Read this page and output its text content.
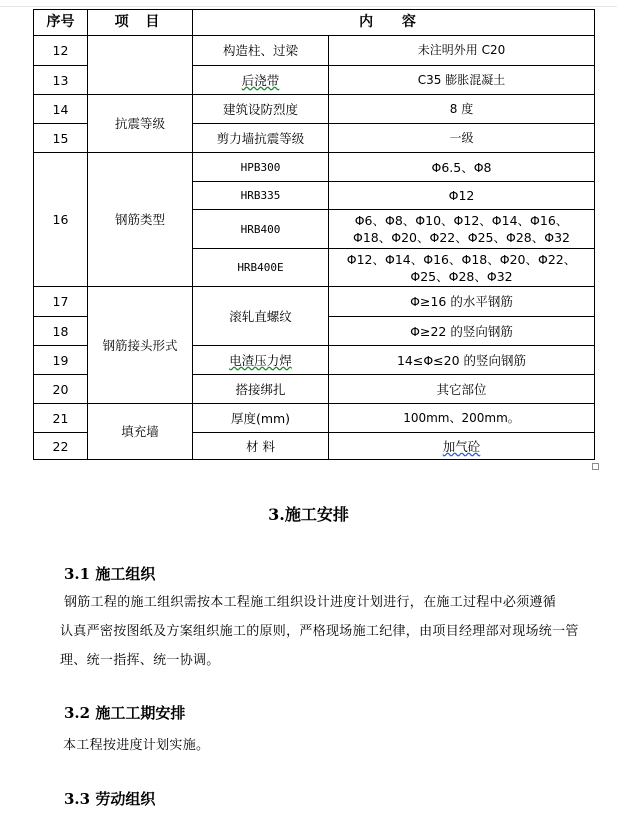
序号	项 目	内 容	
12		构造柱、过梁	未注明外用 C20
13		后浇带	C35 膨胀混凝土
14	抗震等级	建筑设防烈度	8 度
15		剪力墙抗震等级	一级
16	钢筋类型	HPB300	Φ6.5、Φ8
		HRB335	Φ12
		HRB400	Φ6、Φ8、Φ10、Φ12、Φ14、Φ16、
Φ18、Φ20、Φ22、Φ25、Φ28、Φ32

		HRB400E	Φ12、Φ14、Φ16、Φ18、Φ20、Φ22、
Φ25、Φ28、Φ32

17	钢筋接头形式	滚轧直螺纹	Φ≥16 的水平钢筋
18			Φ≥22 的竖向钢筋
19		电渣压力焊	14≤Φ≤20 的竖向钢筋
20		搭接绑扎	其它部位
21	填充墙	厚度(mm)	100mm、200mm。
22		材 料	加气砼
3.施工安排
3.1 施工组织
钢筋工程的施工组织需按本工程施工组织设计进度计划进行，在施工过程中必须遵循
认真严密按图纸及方案组织施工的原则，严格现场施工纪律，由项目经理部对现场统一管
理、统一指挥、统一协调。
3.2 施工工期安排
本工程按进度计划实施。
3.3 劳动组织
